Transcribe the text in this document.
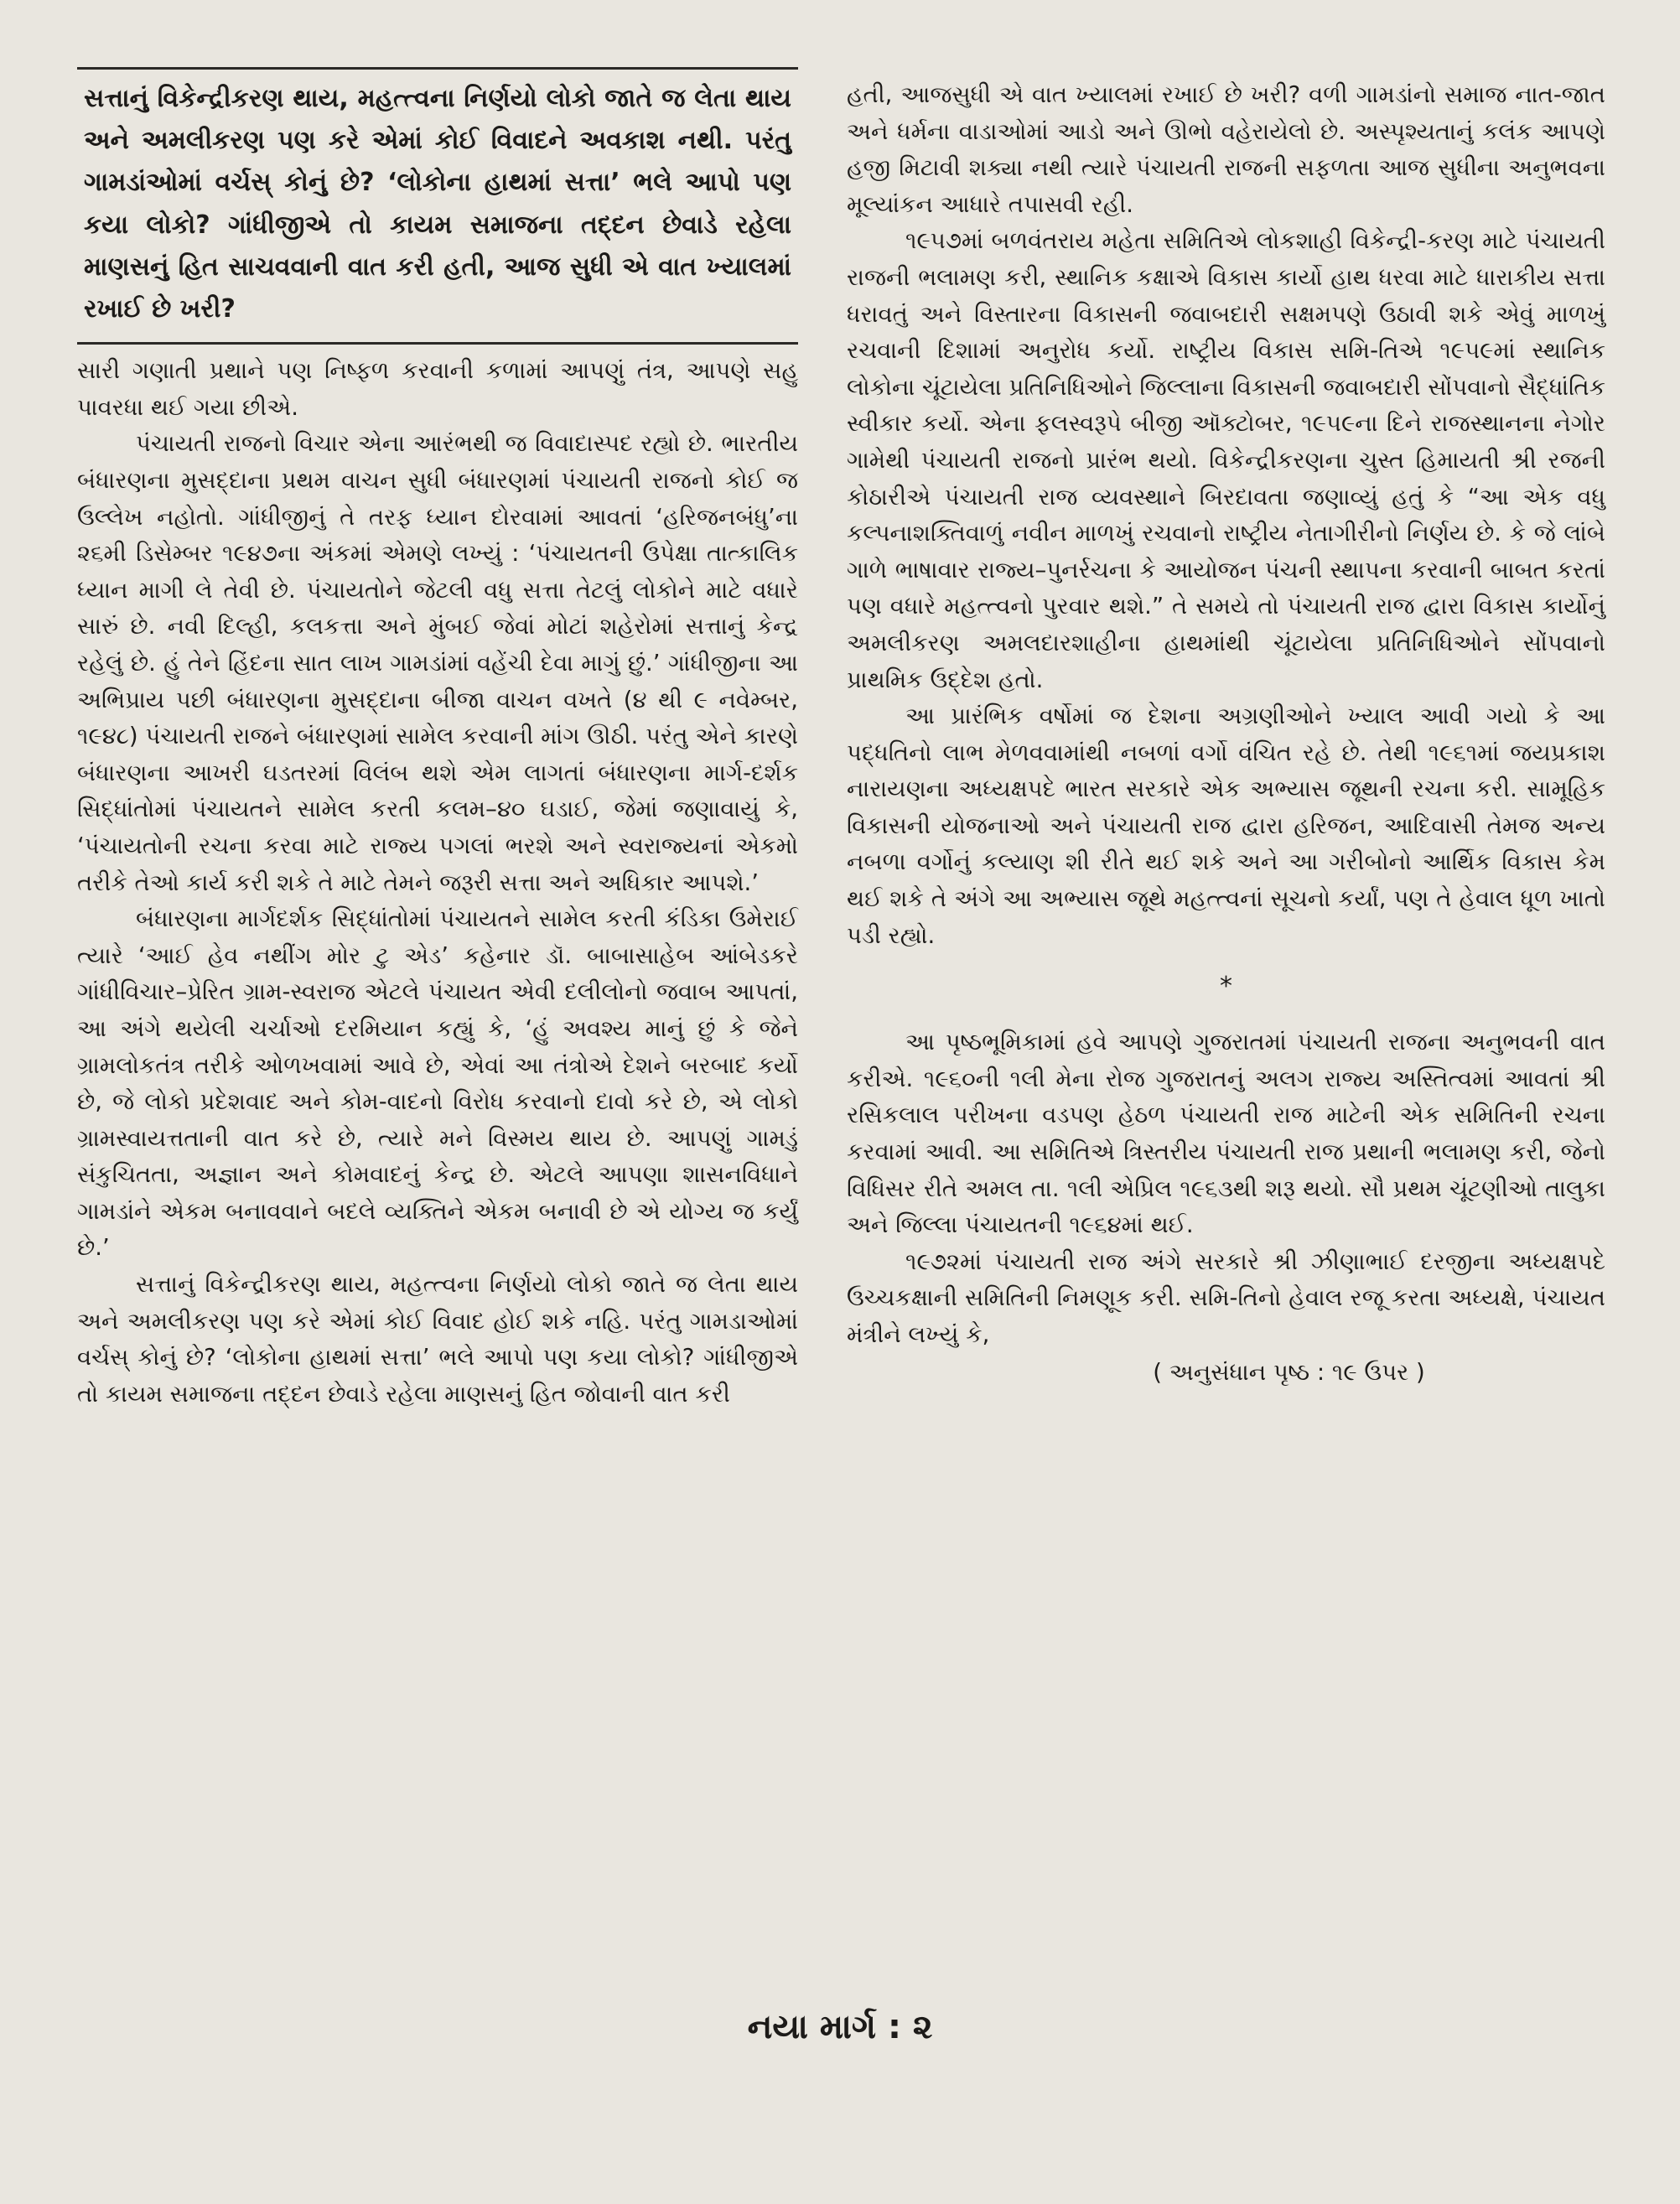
સત્તાનું વિકેન્દ્રીકરણ થાય, મહત્ત્વના નિર્ણયો લોકો જાતે જ લેતા થાય અને અમલીકરણ પણ કરે એમાં કોઈ વિવાદને અવકાશ નથી. પરંતુ ગામડાંઓમાં વર્ચસ્ કોનું છે? ‘લોકોના હાથમાં સત્તા’ ભલે આપો પણ કયા લોકો? ગાંધીજીએ તો કાયમ સમાજના તદ્દન છેવાડે રહેલા માણસનું હિત સાચવવાની વાત કરી હતી, આજ સુધી એ વાત ખ્યાલમાં રખાઈ છે ખરી?

સારી ગણાતી પ્રથાને પણ નિષ્ફળ કરવાની કળામાં આપણું તંત્ર, આપણે સહુ પાવરધા થઈ ગયા છીએ.

પંચાયતી રાજનો વિચાર એના આરંભથી જ વિવાદાસ્પદ રહ્યો છે. ભારતીય બંધારણના મુસદ્દાના પ્રથમ વાચન સુધી બંધારણમાં પંચાયતી રાજનો કોઈ જ ઉલ્લેખ નહોતો. ગાંધીજીનું તે તરફ ધ્યાન દોરવામાં આવતાં ‘હરિજનબંધુ’ના ૨૬મી ડિસેમ્બર ૧૯૪૭ના અંકમાં એમણે લખ્યું : ‘પંચાયતની ઉપેક્ષા તાત્કાલિક ધ્યાન માગી લે તેવી છે. પંચાયતોને જેટલી વધુ સત્તા તેટલું લોકોને માટે વધારે સારું છે. નવી દિલ્હી, કલકત્તા અને મુંબઈ જેવાં મોટાં શહેરોમાં સત્તાનું કેન્દ્ર રહેલું છે. હું તેને હિંદના સાત લાખ ગામડાંમાં વહેંચી દેવા માગું છું.’ ગાંધીજીના આ અભિપ્રાય પછી બંધારણના મુસદ્દાના બીજા વાચન વખતે (૪ થી ૯ નવેમ્બર, ૧૯૪૮) પંચાયતી રાજને બંધારણમાં સામેલ કરવાની માંગ ઊઠી. પરંતુ એને કારણે બંધારણના આખરી ઘડતરમાં વિલંબ થશે એમ લાગતાં બંધારણના માર્ગ-દર્શક સિદ્ધાંતોમાં પંચાયતને સામેલ કરતી કલમ–૪૦ ઘડાઈ, જેમાં જણાવાયું કે, ‘પંચાયતોની રચના કરવા માટે રાજ્ય પગલાં ભરશે અને સ્વરાજ્યનાં એકમો તરીકે તેઓ કાર્ય કરી શકે તે માટે તેમને જરૂરી સત્તા અને અધિકાર આપશે.’

બંધારણના માર્ગદર્શક સિદ્ધાંતોમાં પંચાયતને સામેલ કરતી કંડિકા ઉમેરાઈ ત્યારે ‘આઈ હેવ નથીંગ મોર ટુ એડ’ કહેનાર ડૉ. બાબાસાહેબ આંબેડકરે ગાંધીવિચાર–પ્રેરિત ગ્રામ-સ્વરાજ એટલે પંચાયત એવી દલીલોનો જવાબ આપતાં, આ અંગે થયેલી ચર્ચાઓ દરમિયાન કહ્યું કે, ‘હું અવશ્ય માનું છું કે જેને ગ્રામલોકતંત્ર તરીકે ઓળખવામાં આવે છે, એવાં આ તંત્રોએ દેશને બરબાદ કર્યો છે, જે લોકો પ્રદેશવાદ અને કોમ-વાદનો વિરોધ કરવાનો દાવો કરે છે, એ લોકો ગ્રામસ્વાયત્તતાની વાત કરે છે, ત્યારે મને વિસ્મય થાય છે. આપણું ગામડું સંકુચિતતા, અજ્ઞાન અને કોમવાદનું કેન્દ્ર છે. એટલે આપણા શાસનવિધાને ગામડાંને એકમ બનાવવાને બદલે વ્યક્તિને એકમ બનાવી છે એ યોગ્ય જ કર્યું છે.’

સત્તાનું વિકેન્દ્રીકરણ થાય, મહત્ત્વના નિર્ણયો લોકો જાતે જ લેતા થાય અને અમલીકરણ પણ કરે એમાં કોઈ વિવાદ હોઈ શકે નહિ. પરંતુ ગામડાઓમાં વર્ચસ્ કોનું છે? ‘લોકોના હાથમાં સત્તા’ ભલે આપો પણ કયા લોકો? ગાંધીજીએ તો કાયમ સમાજના તદ્દન છેવાડે રહેલા માણસનું હિત જોવાની વાત કરી

હતી, આજસુધી એ વાત ખ્યાલમાં રખાઈ છે ખરી? વળી ગામડાંનો સમાજ નાત-જાત અને ધર્મના વાડાઓમાં આડો અને ઊભો વહેરાયેલો છે. અસ્પૃશ્યતાનું કલંક આપણે હજી મિટાવી શક્યા નથી ત્યારે પંચાયતી રાજની સફળતા આજ સુધીના અનુભવના મૂલ્યાંકન આધારે તપાસવી રહી.

૧૯૫૭માં બળવંતરાય મહેતા સમિતિએ લોકશાહી વિકેન્દ્રી-કરણ માટે પંચાયતી રાજની ભલામણ કરી, સ્થાનિક કક્ષાએ વિકાસ કાર્યો હાથ ધરવા માટે ધારાકીય સત્તા ધરાવતું અને વિસ્તારના વિકાસની જવાબદારી સક્ષમપણે ઉઠાવી શકે એવું માળખું રચવાની દિશામાં અનુરોધ કર્યો. રાષ્ટ્રીય વિકાસ સમિ-તિએ ૧૯૫૯માં સ્થાનિક લોકોના ચૂંટાયેલા પ્રતિનિધિઓને જિલ્લાના વિકાસની જવાબદારી સોંપવાનો સૈદ્ધાંતિક સ્વીકાર કર્યો. એના ફલસ્વરૂપે બીજી ઑક્ટોબર, ૧૯૫૯ના દિને રાજસ્થાનના નેગોર ગામેથી પંચાયતી રાજનો પ્રારંભ થયો. વિકેન્દ્રીકરણના ચુસ્ત હિમાયતી શ્રી રજની કોઠારીએ પંચાયતી રાજ વ્યવસ્થાને બિરદાવતા જણાવ્યું હતું કે “આ એક વધુ કલ્પનાશક્તિવાળું નવીન માળખું રચવાનો રાષ્ટ્રીય નેતાગીરીનો નિર્ણય છે. કે જે લાંબે ગાળે ભાષાવાર રાજ્ય–પુનર્રચના કે આયોજન પંચની સ્થાપના કરવાની બાબત કરતાં પણ વધારે મહત્ત્વનો પુરવાર થશે.” તે સમયે તો પંચાયતી રાજ દ્વારા વિકાસ કાર્યોનું અમલીકરણ અમલદારશાહીના હાથમાંથી ચૂંટાયેલા પ્રતિનિધિઓને સોંપવાનો પ્રાથમિક ઉદ્દેશ હતો.

આ પ્રારંભિક વર્ષોમાં જ દેશના અગ્રણીઓને ખ્યાલ આવી ગયો કે આ પદ્ધતિનો લાભ મેળવવામાંથી નબળાં વર્ગો વંચિત રહે છે. તેથી ૧૯૬૧માં જયપ્રકાશ નારાયણના અધ્યક્ષપદે ભારત સરકારે એક અભ્યાસ જૂથની રચના કરી. સામૂહિક વિકાસની યોજનાઓ અને પંચાયતી રાજ દ્વારા હરિજન, આદિવાસી તેમજ અન્ય નબળા વર્ગોનું કલ્યાણ શી રીતે થઈ શકે અને આ ગરીબોનો આર્થિક વિકાસ કેમ થઈ શકે તે અંગે આ અભ્યાસ જૂથે મહત્ત્વનાં સૂચનો કર્યાં, પણ તે હેવાલ ધૂળ ખાતો પડી રહ્યો.

*

આ પૃષ્ઠભૂમિકામાં હવે આપણે ગુજરાતમાં પંચાયતી રાજના અનુભવની વાત કરીએ. ૧૯૬૦ની ૧લી મેના રોજ ગુજરાતનું અલગ રાજ્ય અસ્તિત્વમાં આવતાં શ્રી રસિકલાલ પરીખના વડપણ હેઠળ પંચાયતી રાજ માટેની એક સમિતિની રચના કરવામાં આવી. આ સમિતિએ ત્રિસ્તરીય પંચાયતી રાજ પ્રથાની ભલામણ કરી, જેનો વિધિસર રીતે અમલ તા. ૧લી એપ્રિલ ૧૯૬૩થી શરૂ થયો. સૌ પ્રથમ ચૂંટણીઓ તાલુકા અને જિલ્લા પંચાયતની ૧૯૬૪માં થઈ.

૧૯૭૨માં પંચાયતી રાજ અંગે સરકારે શ્રી ઝીણાભાઈ દરજીના અધ્યક્ષપદે ઉચ્ચકક્ષાની સમિતિની નિમણૂક કરી. સમિ-તિનો હેવાલ રજૂ કરતા અધ્યક્ષે, પંચાયત મંત્રીને લખ્યું કે,

( અનુસંધાન પૃષ્ઠ : ૧૯ ઉપર )
નયા માર્ગ : ૨
